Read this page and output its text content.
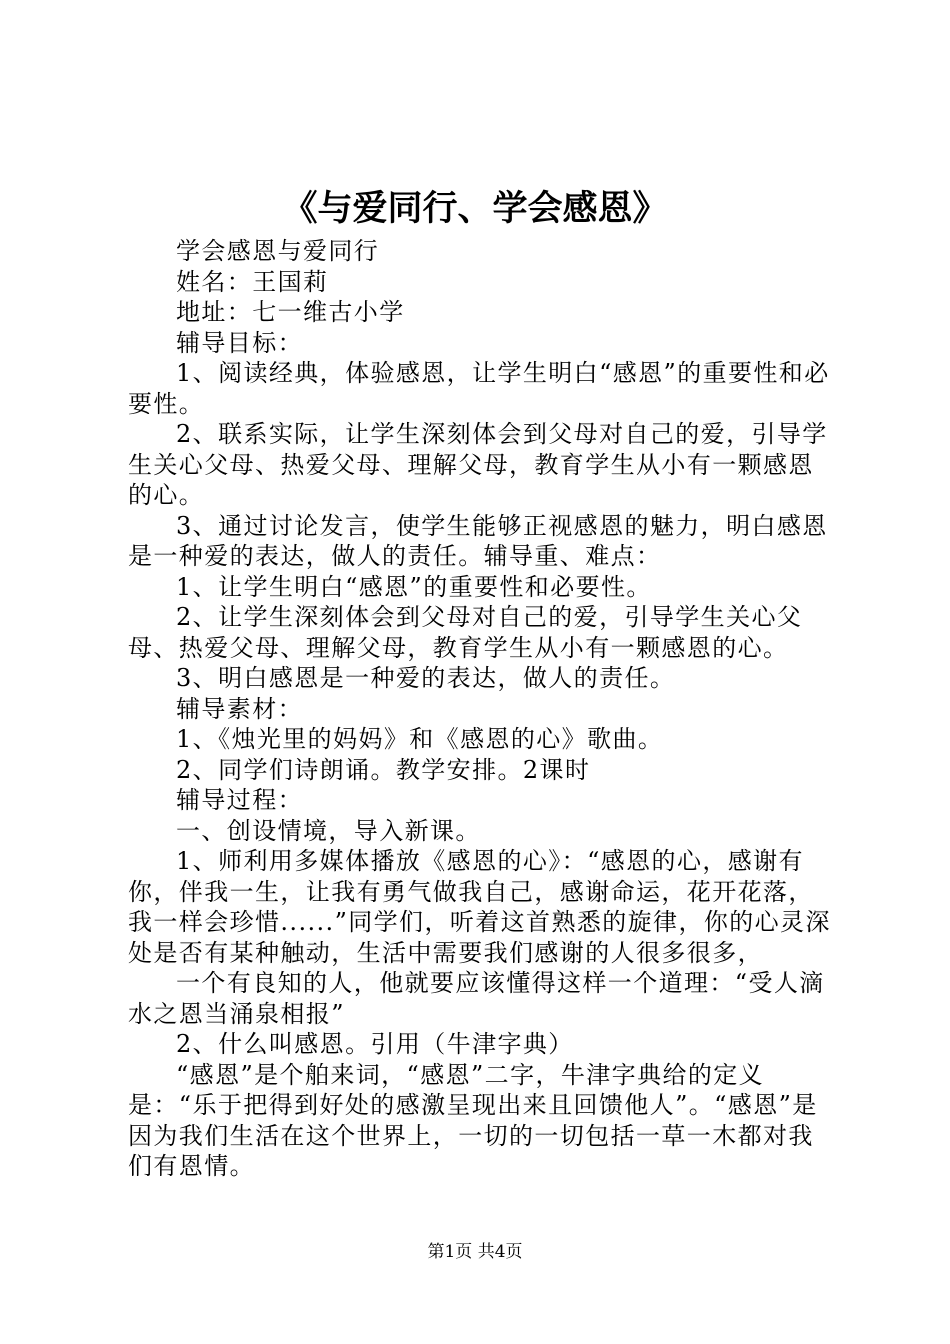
《与爱同行、学会感恩》

学会感恩与爱同行

姓名：王国莉

地址：七一维古小学

辅导目标：

1、阅读经典，体验感恩，让学生明白“感恩”的重要性和必要性。

2、联系实际，让学生深刻体会到父母对自己的爱，引导学生关心父母、热爱父母、理解父母，教育学生从小有一颗感恩的心。

3、通过讨论发言，使学生能够正视感恩的魅力，明白感恩是一种爱的表达，做人的责任。辅导重、难点：

1、让学生明白“感恩”的重要性和必要性。

2、让学生深刻体会到父母对自己的爱，引导学生关心父母、热爱父母、理解父母，教育学生从小有一颗感恩的心。

3、明白感恩是一种爱的表达，做人的责任。

辅导素材：

1、《烛光里的妈妈》和《感恩的心》歌曲。

2、同学们诗朗诵。教学安排。2课时

辅导过程：

一、创设情境，导入新课。

1、师利用多媒体播放《感恩的心》：“感恩的心，感谢有你，伴我一生，让我有勇气做我自己，感谢命运，花开花落，我一样会珍惜......”同学们，听着这首熟悉的旋律，你的心灵深处是否有某种触动，生活中需要我们感谢的人很多很多，

一个有良知的人，他就要应该懂得这样一个道理：“受人滴水之恩当涌泉相报”

2、什么叫感恩。引用（牛津字典）

“感恩”是个舶来词，“感恩”二字，牛津字典给的定义是：“乐于把得到好处的感激呈现出来且回馈他人”。“感恩”是因为我们生活在这个世界上，一切的一切包括一草一木都对我们有恩情。

第1页 共4页
